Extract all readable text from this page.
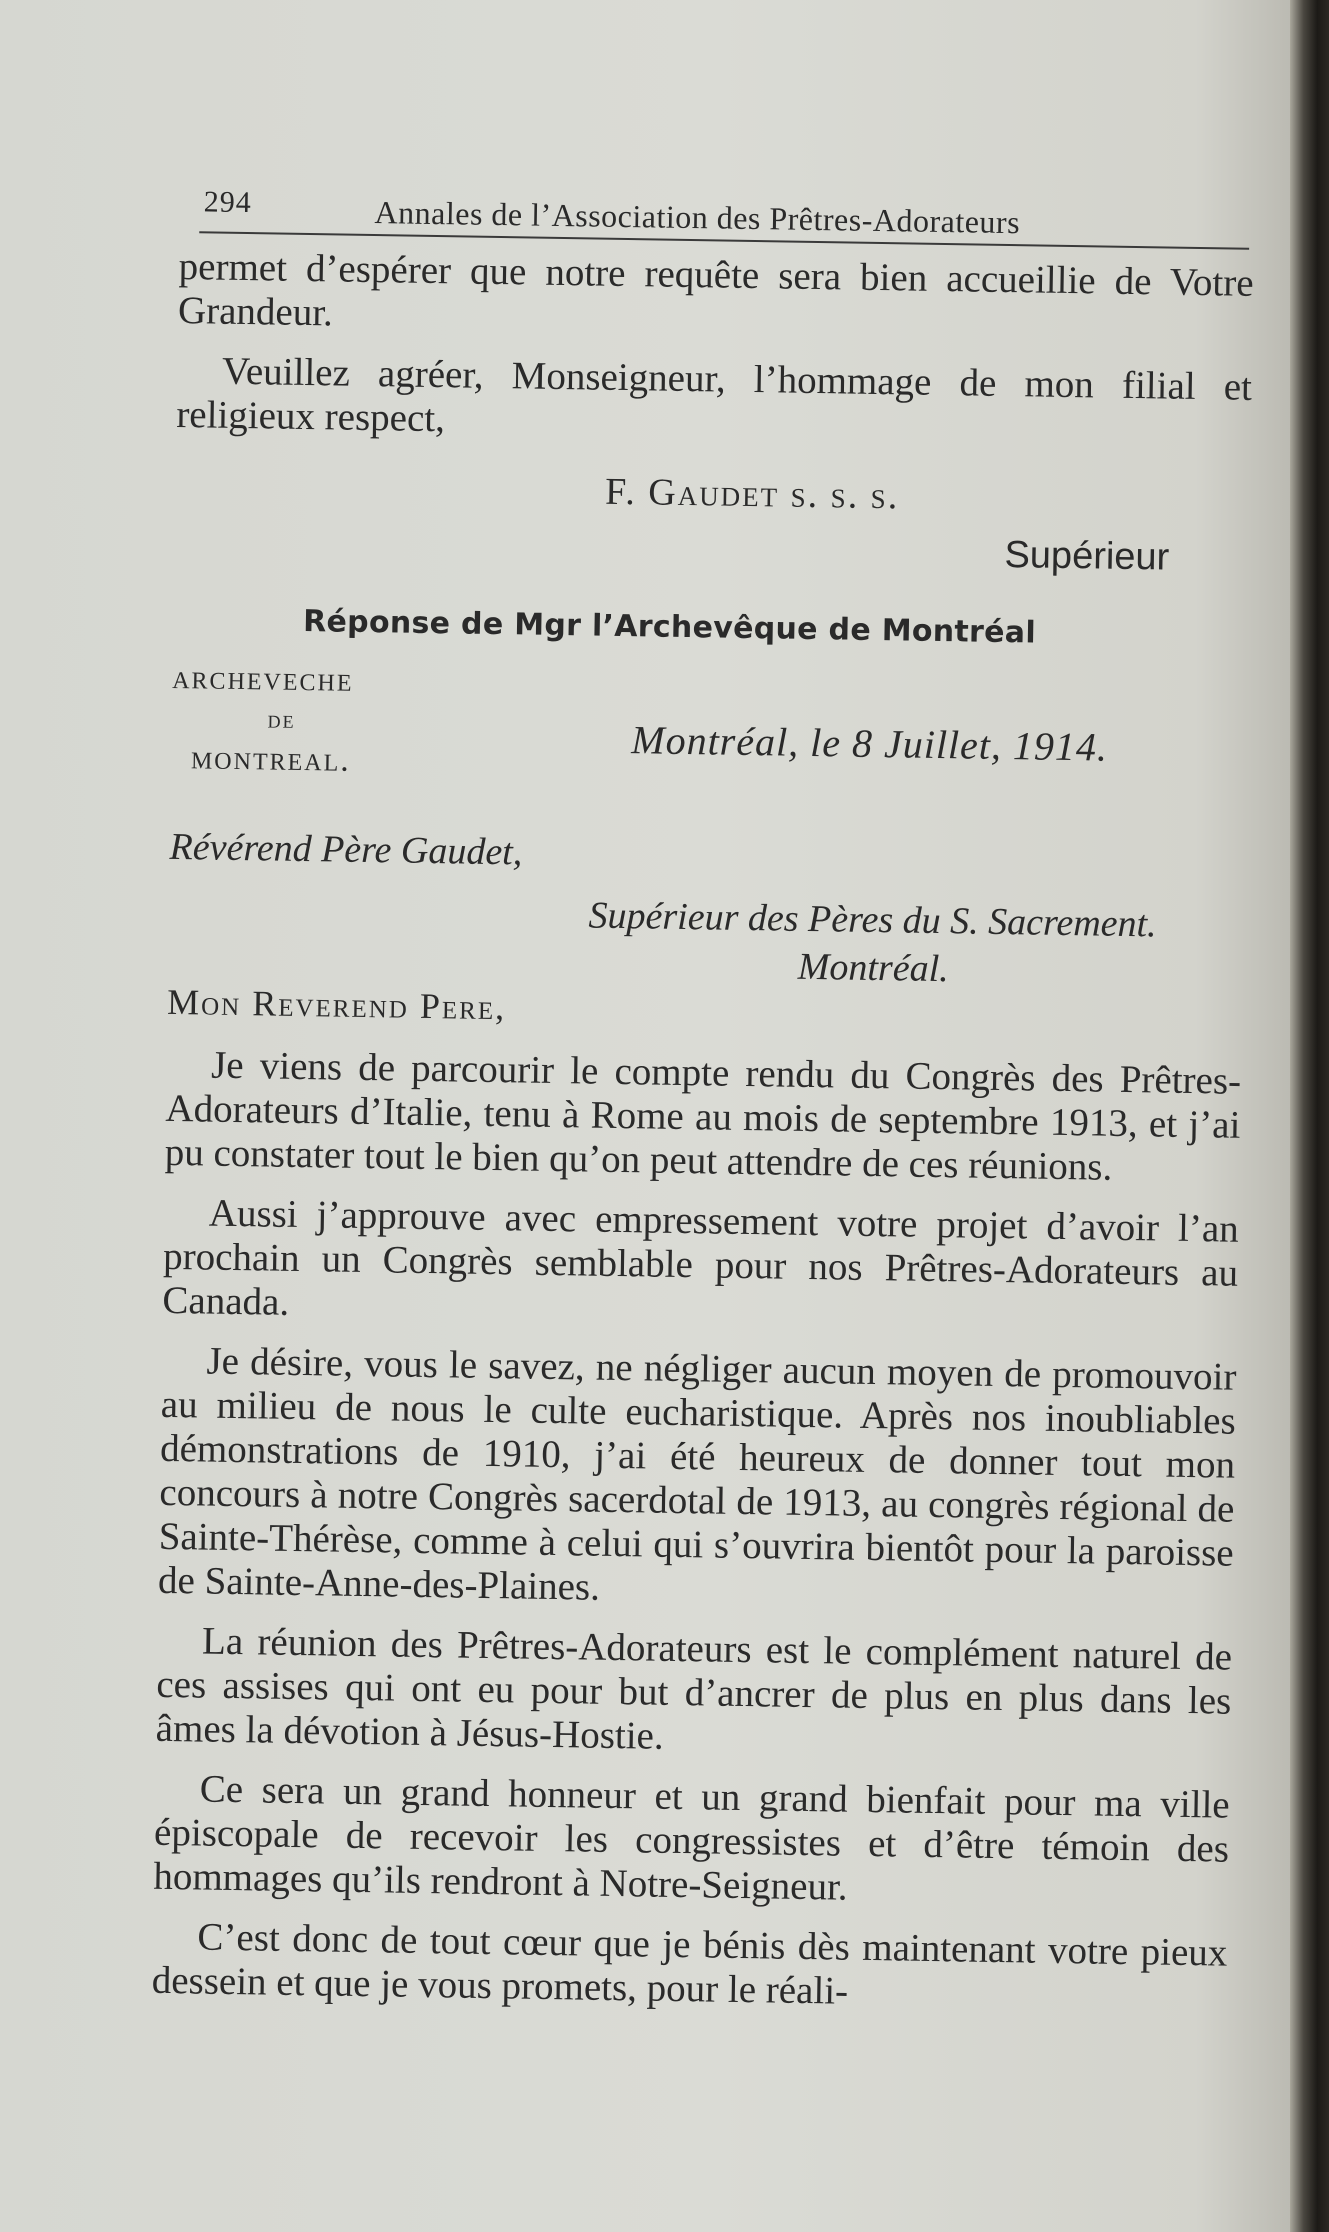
294	Annales de l’Association des Prêtres-Adorateurs

permet d’espérer que notre requête sera bien accueillie de Votre Grandeur.

Veuillez agréer, Monseigneur, l’hommage de mon filial et religieux respect,

F. Gaudet s. s. s.
Supérieur
Réponse de Mgr l’Archevêque de Montréal
archeveche
de
montreal.	Montréal, le 8 Juillet, 1914.
Révérend Père Gaudet,
Supérieur des Pères du S. Sacrement.
Montréal.
Mon Reverend Pere,

Je viens de parcourir le compte rendu du Congrès des Prêtres-Adorateurs d’Italie, tenu à Rome au mois de septembre 1913, et j’ai pu constater tout le bien qu’on peut attendre de ces réunions.

Aussi j’approuve avec empressement votre projet d’avoir l’an prochain un Congrès semblable pour nos Prêtres-Adorateurs au Canada.

Je désire, vous le savez, ne négliger aucun moyen de promouvoir au milieu de nous le culte eucharistique. Après nos inoubliables démonstrations de 1910, j’ai été heureux de donner tout mon concours à notre Congrès sacerdotal de 1913, au congrès régional de Sainte-Thérèse, comme à celui qui s’ouvrira bientôt pour la paroisse de Sainte-Anne-des-Plaines.

La réunion des Prêtres-Adorateurs est le complément naturel de ces assises qui ont eu pour but d’ancrer de plus en plus dans les âmes la dévotion à Jésus-Hostie.

Ce sera un grand honneur et un grand bienfait pour ma ville épiscopale de recevoir les congressistes et d’être témoin des hommages qu’ils rendront à Notre-Seigneur.

C’est donc de tout cœur que je bénis dès maintenant votre pieux dessein et que je vous promets, pour le réali-
